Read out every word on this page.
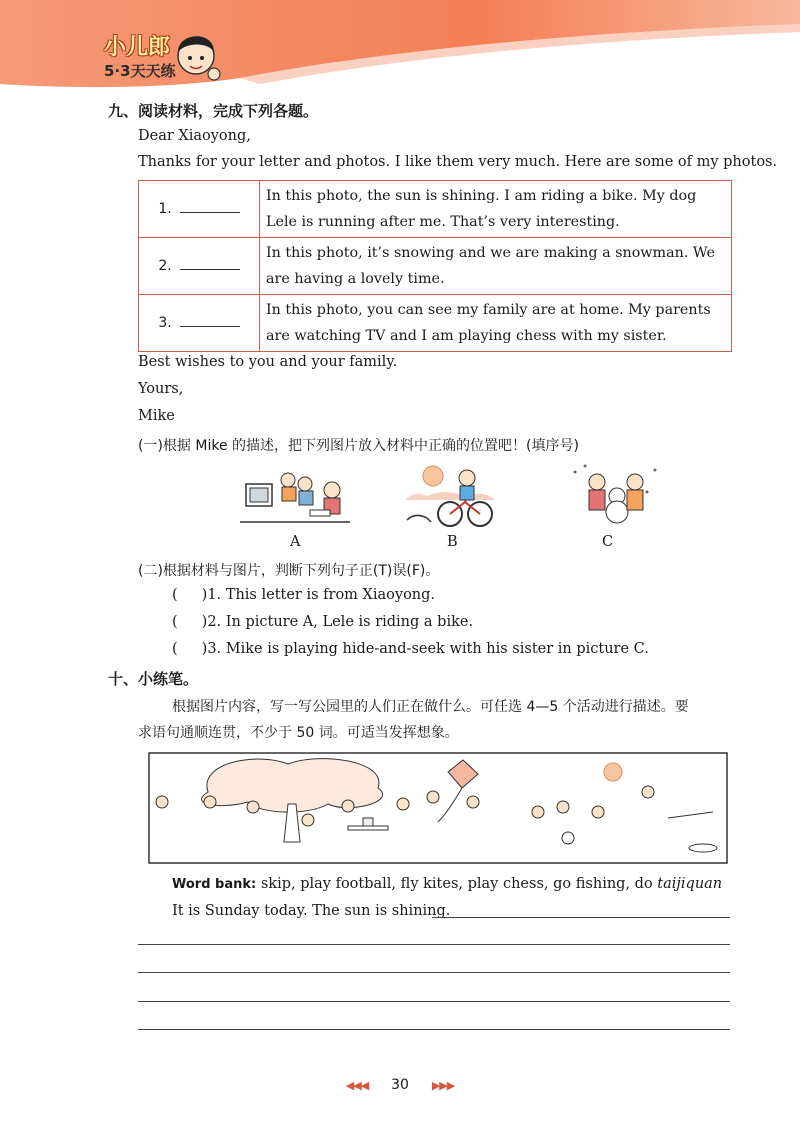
小儿郎
5·3天天练
九、阅读材料，完成下列各题。
Dear Xiaoyong,
Thanks for your letter and photos. I like them very much. Here are some of my photos.
1.	In this photo, the sun is shining. I am riding a bike. My dog Lele is running after me. That’s very interesting.
2.	In this photo, it’s snowing and we are making a snowman. We are having a lovely time.
3.	In this photo, you can see my family are at home. My parents are watching TV and I am playing chess with my sister.
Best wishes to you and your family.
Yours,
Mike
(一)根据 Mike 的描述，把下列图片放入材料中正确的位置吧！(填序号)
A	B	C
(二)根据材料与图片，判断下列句子正(T)误(F)。
( )1. This letter is from Xiaoyong.
( )2. In picture A, Lele is riding a bike.
( )3. Mike is playing hide-and-seek with his sister in picture C.
十、小练笔。
根据图片内容，写一写公园里的人们正在做什么。可任选 4—5 个活动进行描述。要
求语句通顺连贯，不少于 50 词。可适当发挥想象。
Word bank: skip, play football, fly kites, play chess, go fishing, do taijiquan
It is Sunday today. The sun is shining.
◀◀◀ 30 ▶▶▶
